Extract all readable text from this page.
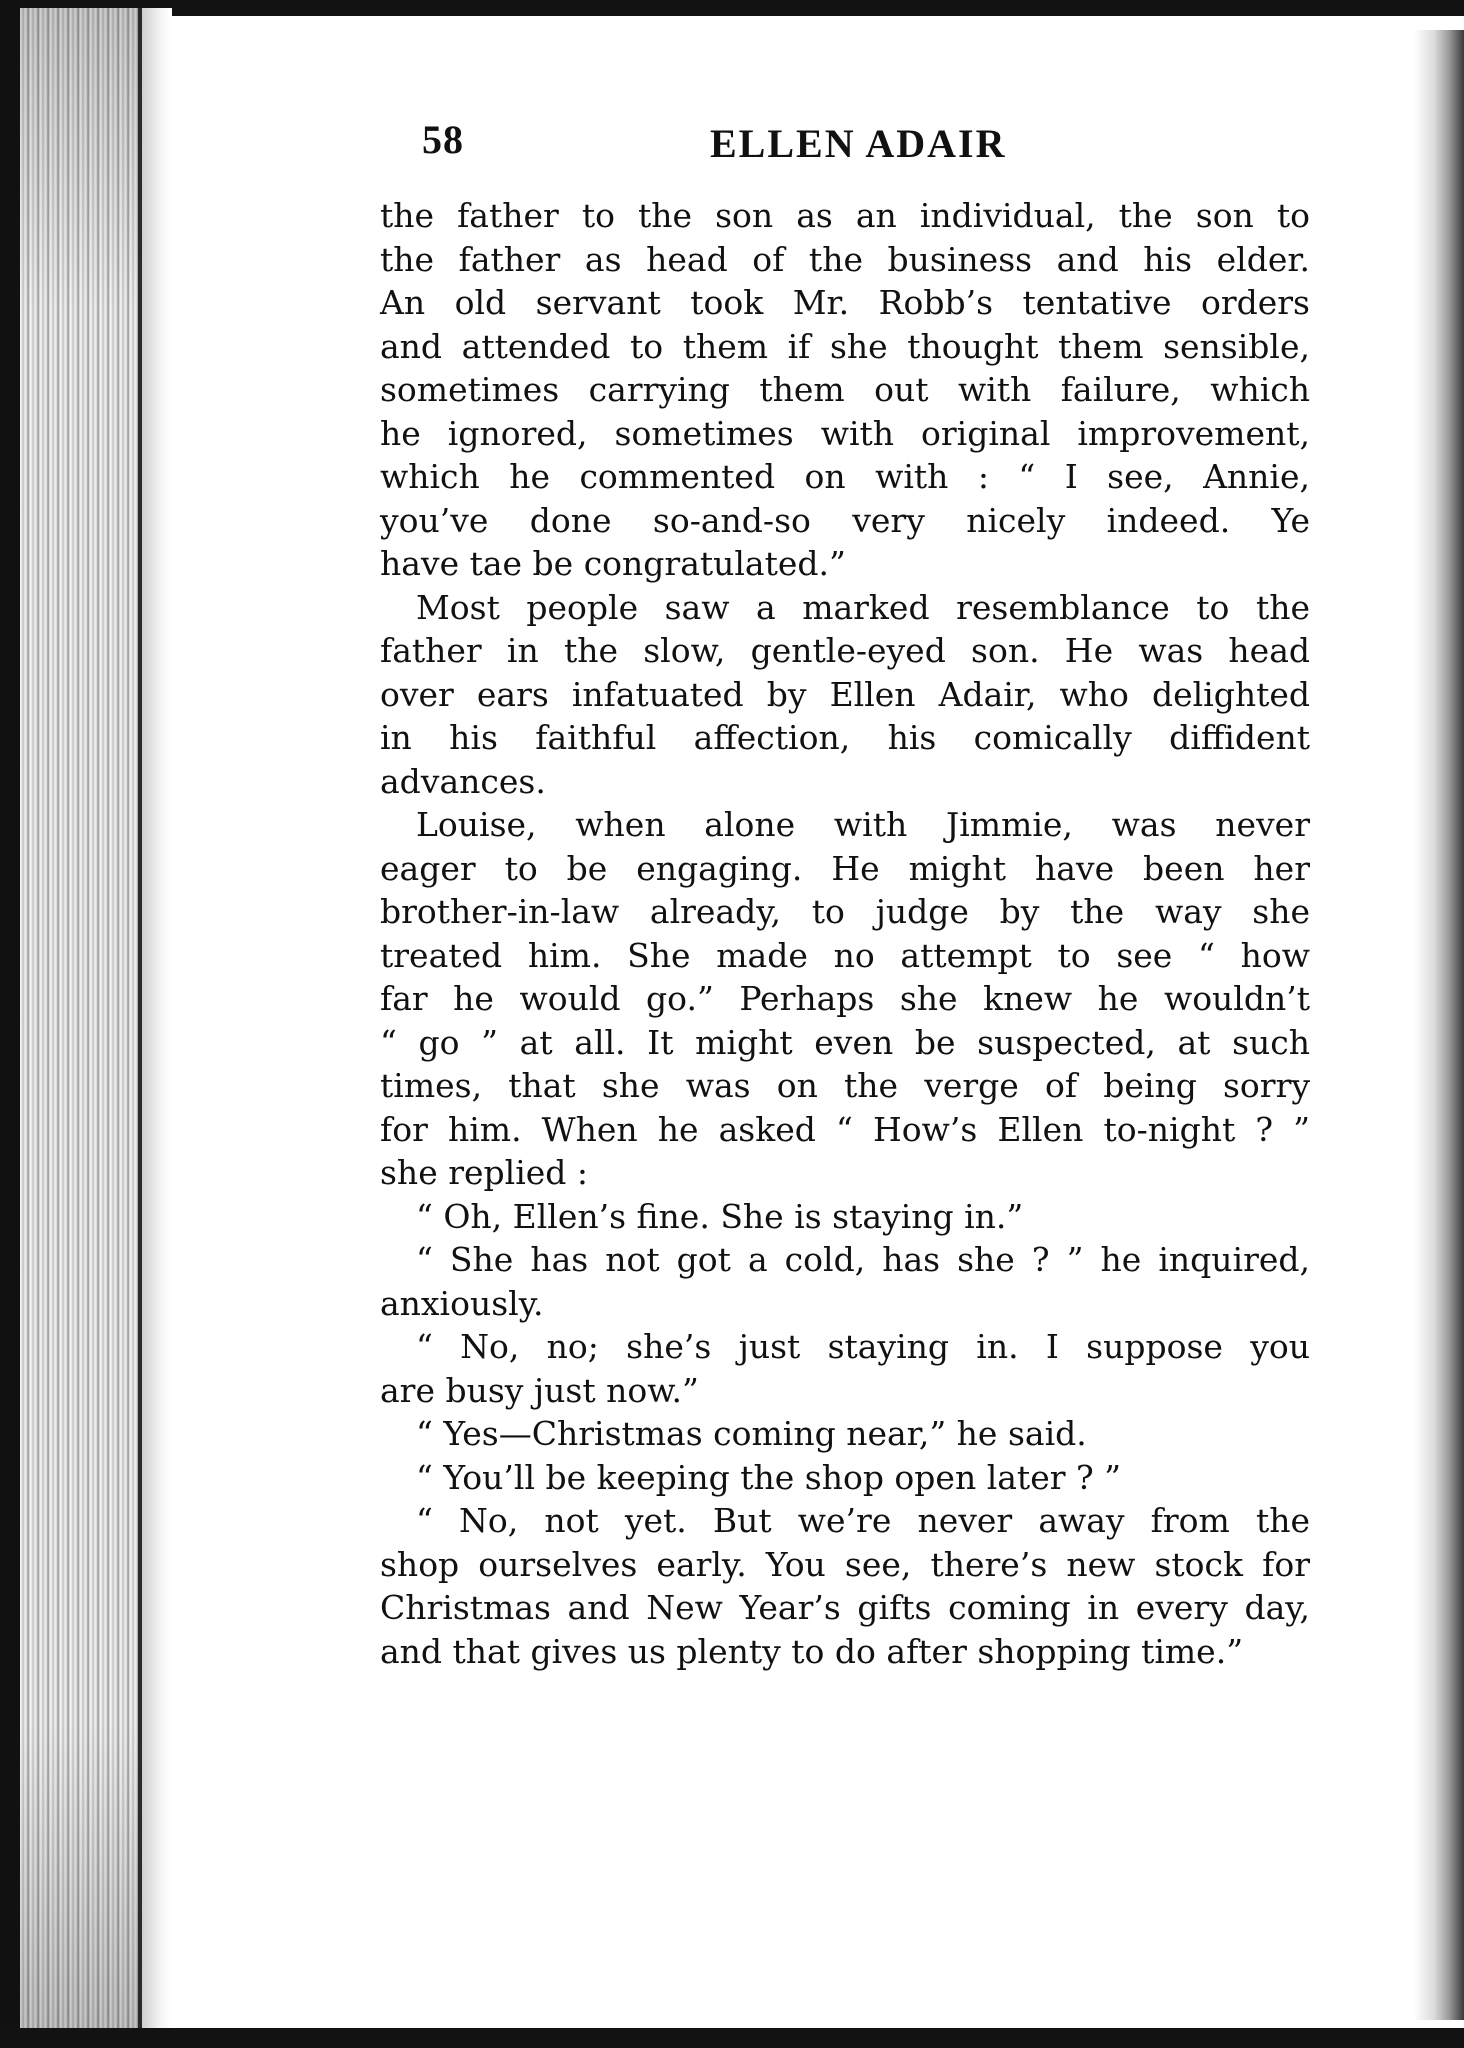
58	ELLEN ADAIR

the father to the son as an individual, the son to
the father as head of the business and his elder.
An old servant took Mr. Robb’s tentative orders
and attended to them if she thought them sensible,
sometimes carrying them out with failure, which
he ignored, sometimes with original improvement,
which he commented on with : “ I see, Annie,
you’ve done so-and-so very nicely indeed. Ye
have tae be congratulated.”

Most people saw a marked resemblance to the
father in the slow, gentle-eyed son. He was head
over ears infatuated by Ellen Adair, who delighted
in his faithful affection, his comically diffident
advances.

Louise, when alone with Jimmie, was never
eager to be engaging. He might have been her
brother-in-law already, to judge by the way she
treated him. She made no attempt to see “ how
far he would go.” Perhaps she knew he wouldn’t
“ go ” at all. It might even be suspected, at such
times, that she was on the verge of being sorry
for him. When he asked “ How’s Ellen to-night ? ”
she replied :

“ Oh, Ellen’s fine. She is staying in.”

“ She has not got a cold, has she ? ” he inquired,
anxiously.

“ No, no; she’s just staying in. I suppose you
are busy just now.”

“ Yes—Christmas coming near,” he said.

“ You’ll be keeping the shop open later ? ”

“ No, not yet. But we’re never away from the
shop ourselves early. You see, there’s new stock for
Christmas and New Year’s gifts coming in every day,
and that gives us plenty to do after shopping time.”
